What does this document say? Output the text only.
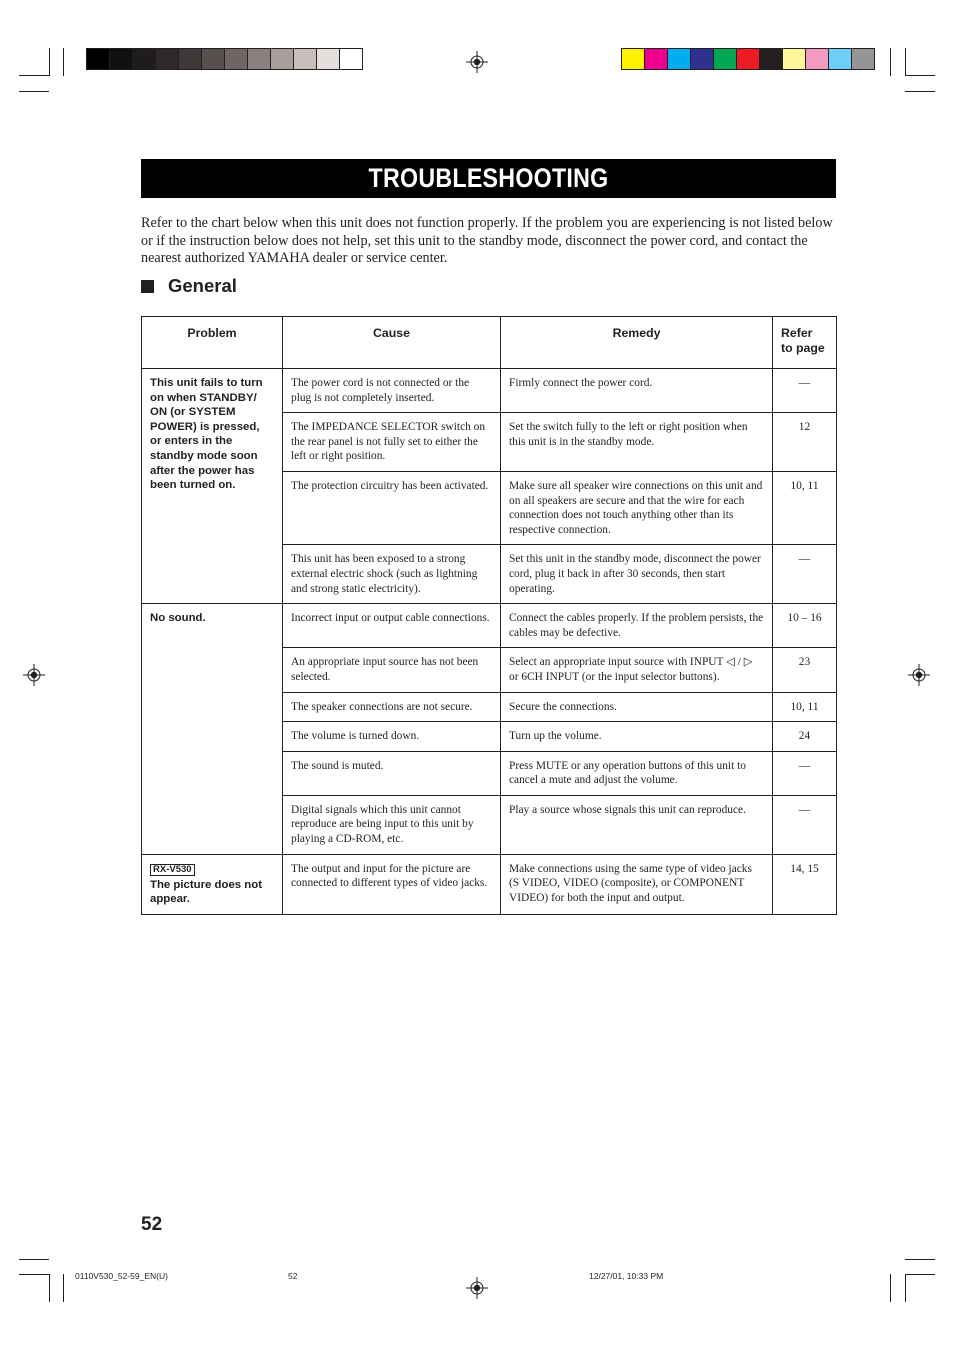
TROUBLESHOOTING

Refer to the chart below when this unit does not function properly. If the problem you are experiencing is not listed below or if the instruction below does not help, set this unit to the standby mode, disconnect the power cord, and contact the nearest authorized YAMAHA dealer or service center.

General
Problem	Cause	Remedy	Refer
to page
This unit fails to turn on when STANDBY/ ON (or SYSTEM POWER) is pressed, or enters in the standby mode soon after the power has been turned on.	The power cord is not connected or the plug is not completely inserted.	Firmly connect the power cord.	—
	The IMPEDANCE SELECTOR switch on the rear panel is not fully set to either the left or right position.	Set the switch fully to the left or right position when this unit is in the standby mode.	12
	The protection circuitry has been activated.	Make sure all speaker wire connections on this unit and on all speakers are secure and that the wire for each connection does not touch anything other than its respective connection.	10, 11
	This unit has been exposed to a strong external electric shock (such as lightning and strong static electricity).	Set this unit in the standby mode, disconnect the power cord, plug it back in after 30 seconds, then start operating.	—
No sound.	Incorrect input or output cable connections.	Connect the cables properly. If the problem persists, the cables may be defective.	10 – 16
	An appropriate input source has not been selected.	Select an appropriate input source with INPUT ◁ / ▷ or 6CH INPUT (or the input selector buttons).	23
	The speaker connections are not secure.	Secure the connections.	10, 11
	The volume is turned down.	Turn up the volume.	24
	The sound is muted.	Press MUTE or any operation buttons of this unit to cancel a mute and adjust the volume.	—
	Digital signals which this unit cannot reproduce are being input to this unit by playing a CD-ROM, etc.	Play a source whose signals this unit can reproduce.	—
RX-V530
The picture does not appear.	The output and input for the picture are connected to different types of video jacks.	Make connections using the same type of video jacks (S VIDEO, VIDEO (composite), or COMPONENT VIDEO) for both the input and output.	14, 15
52
0110V530_52-59_EN(U)	52	12/27/01, 10:33 PM
